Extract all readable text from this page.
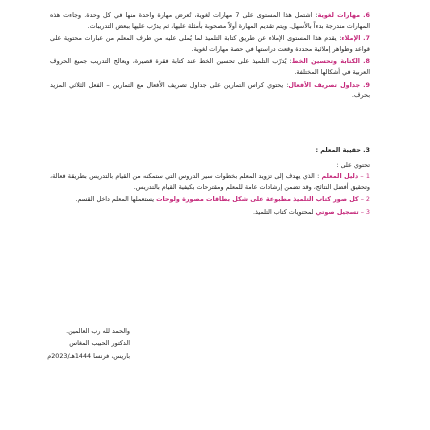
6. مهارات لغوية: اشتمل هذا المستوى على 7 مهارات لغوية، تُعرض مهارة واحدة منها في كل وحدة. وجاءت هذه المهارات مندرجة بدءاً بالأسهل. ويتم تقديم المهارة أولاً مصحوبة بأمثلة عليها، ثم يدرّب عليها ببعض التدريبات.

7. الإملاء: يقدم هذا المستوى الإملاء عن طريق كتابة التلميذ لما يُملى عليه من طرف المعلم من عبارات محتوية على قواعد وظواهر إملائية محددة وقعت دراستها في حصة مهارات لغوية.

8. الكتابة وتحسين الخط: يُدرّب التلميذ على تحسين الخط عند كتابة فقرة قصيرة، ويعالج التدريب جميع الحروف العربية في أشكالها المختلفة.

9. جداول تصريف الأفعال: يحتوي كراس التمارين على جداول تصريف الأفعال مع التمارين – الفعل الثلاثي المزيد بحرف.

3. حقيبة المعلم :

تحتوي على :

1 – دليل المعلم : الذي يهدف إلى تزويد المعلم بخطوات سير الدروس التي ستمكنه من القيام بالتدريس بطريقة فعالة، وتحقيق أفضل النتائج، وقد تضمن إرشادات عامة للمعلم ومقترحات بكيفية القيام بالتدريس.

2 – كل صور كتاب التلميذ مطبوعة على شكل بطاقات مصورة ولوحات يستعملها المعلم داخل القسم.

3 – تسجيل صوتي لمحتويات كتاب التلميذ.

والحمد لله رب العالمين.

الدكتور الحبيب المغاس

باريس، فرنسا 1444هـ/2023م
